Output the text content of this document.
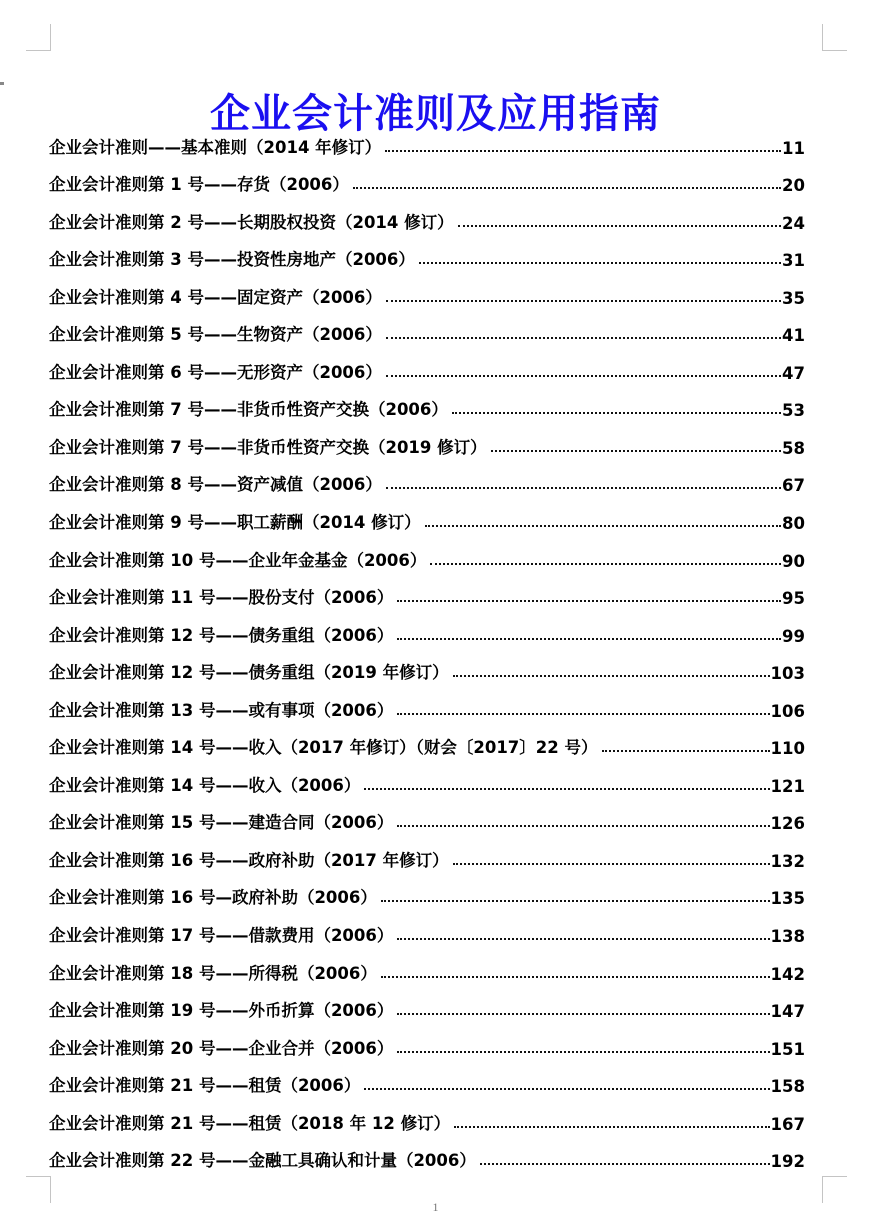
企业会计准则及应用指南
企业会计准则——基本准则（2014 年修订）	11
企业会计准则第 1 号——存货（2006）	20
企业会计准则第 2 号——长期股权投资（2014 修订）	24
企业会计准则第 3 号——投资性房地产（2006）	31
企业会计准则第 4 号——固定资产（2006）	35
企业会计准则第 5 号——生物资产（2006）	41
企业会计准则第 6 号——无形资产（2006）	47
企业会计准则第 7 号——非货币性资产交换（2006）	53
企业会计准则第 7 号——非货币性资产交换（2019 修订）	58
企业会计准则第 8 号——资产减值（2006）	67
企业会计准则第 9 号——职工薪酬（2014 修订）	80
企业会计准则第 10 号——企业年金基金（2006）	90
企业会计准则第 11 号——股份支付（2006）	95
企业会计准则第 12 号——债务重组（2006）	99
企业会计准则第 12 号——债务重组（2019 年修订）	103
企业会计准则第 13 号——或有事项（2006）	106
企业会计准则第 14 号——收入（2017 年修订）（财会〔2017〕22 号）	110
企业会计准则第 14 号——收入（2006）	121
企业会计准则第 15 号——建造合同（2006）	126
企业会计准则第 16 号——政府补助（2017 年修订）	132
企业会计准则第 16 号—政府补助（2006）	135
企业会计准则第 17 号——借款费用（2006）	138
企业会计准则第 18 号——所得税（2006）	142
企业会计准则第 19 号——外币折算（2006）	147
企业会计准则第 20 号——企业合并（2006）	151
企业会计准则第 21 号——租赁（2006）	158
企业会计准则第 21 号——租赁（2018 年 12 修订）	167
企业会计准则第 22 号——金融工具确认和计量（2006）	192
1
